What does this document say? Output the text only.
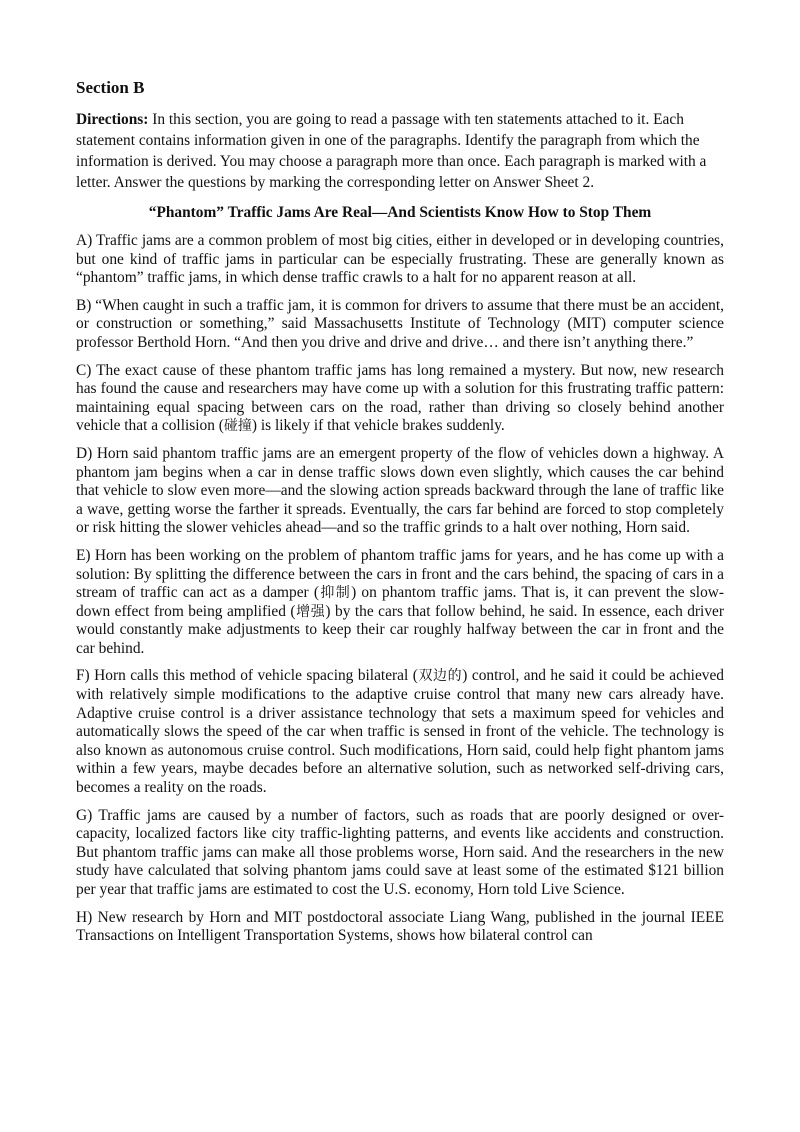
Section B

Directions: In this section, you are going to read a passage with ten statements attached to it. Each statement contains information given in one of the paragraphs. Identify the paragraph from which the information is derived. You may choose a paragraph more than once. Each paragraph is marked with a letter. Answer the questions by marking the corresponding letter on Answer Sheet 2.

“Phantom” Traffic Jams Are Real—And Scientists Know How to Stop Them

A) Traffic jams are a common problem of most big cities, either in developed or in developing countries, but one kind of traffic jams in particular can be especially frustrating. These are generally known as “phantom” traffic jams, in which dense traffic crawls to a halt for no apparent reason at all.

B) “When caught in such a traffic jam, it is common for drivers to assume that there must be an accident, or construction or something,” said Massachusetts Institute of Technology (MIT) computer science professor Berthold Horn. “And then you drive and drive and drive… and there isn’t anything there.”

C) The exact cause of these phantom traffic jams has long remained a mystery. But now, new research has found the cause and researchers may have come up with a solution for this frustrating traffic pattern: maintaining equal spacing between cars on the road, rather than driving so closely behind another vehicle that a collision (碰撞) is likely if that vehicle brakes suddenly.

D) Horn said phantom traffic jams are an emergent property of the flow of vehicles down a highway. A phantom jam begins when a car in dense traffic slows down even slightly, which causes the car behind that vehicle to slow even more—and the slowing action spreads backward through the lane of traffic like a wave, getting worse the farther it spreads. Eventually, the cars far behind are forced to stop completely or risk hitting the slower vehicles ahead—and so the traffic grinds to a halt over nothing, Horn said.

E) Horn has been working on the problem of phantom traffic jams for years, and he has come up with a solution: By splitting the difference between the cars in front and the cars behind, the spacing of cars in a stream of traffic can act as a damper (抑制) on phantom traffic jams. That is, it can prevent the slow-down effect from being amplified (增强) by the cars that follow behind, he said. In essence, each driver would constantly make adjustments to keep their car roughly halfway between the car in front and the car behind.

F) Horn calls this method of vehicle spacing bilateral (双边的) control, and he said it could be achieved with relatively simple modifications to the adaptive cruise control that many new cars already have. Adaptive cruise control is a driver assistance technology that sets a maximum speed for vehicles and automatically slows the speed of the car when traffic is sensed in front of the vehicle. The technology is also known as autonomous cruise control. Such modifications, Horn said, could help fight phantom jams within a few years, maybe decades before an alternative solution, such as networked self-driving cars, becomes a reality on the roads.

G) Traffic jams are caused by a number of factors, such as roads that are poorly designed or over-capacity, localized factors like city traffic-lighting patterns, and events like accidents and construction. But phantom traffic jams can make all those problems worse, Horn said. And the researchers in the new study have calculated that solving phantom jams could save at least some of the estimated $121 billion per year that traffic jams are estimated to cost the U.S. economy, Horn told Live Science.

H) New research by Horn and MIT postdoctoral associate Liang Wang, published in the journal IEEE Transactions on Intelligent Transportation Systems, shows how bilateral control can
